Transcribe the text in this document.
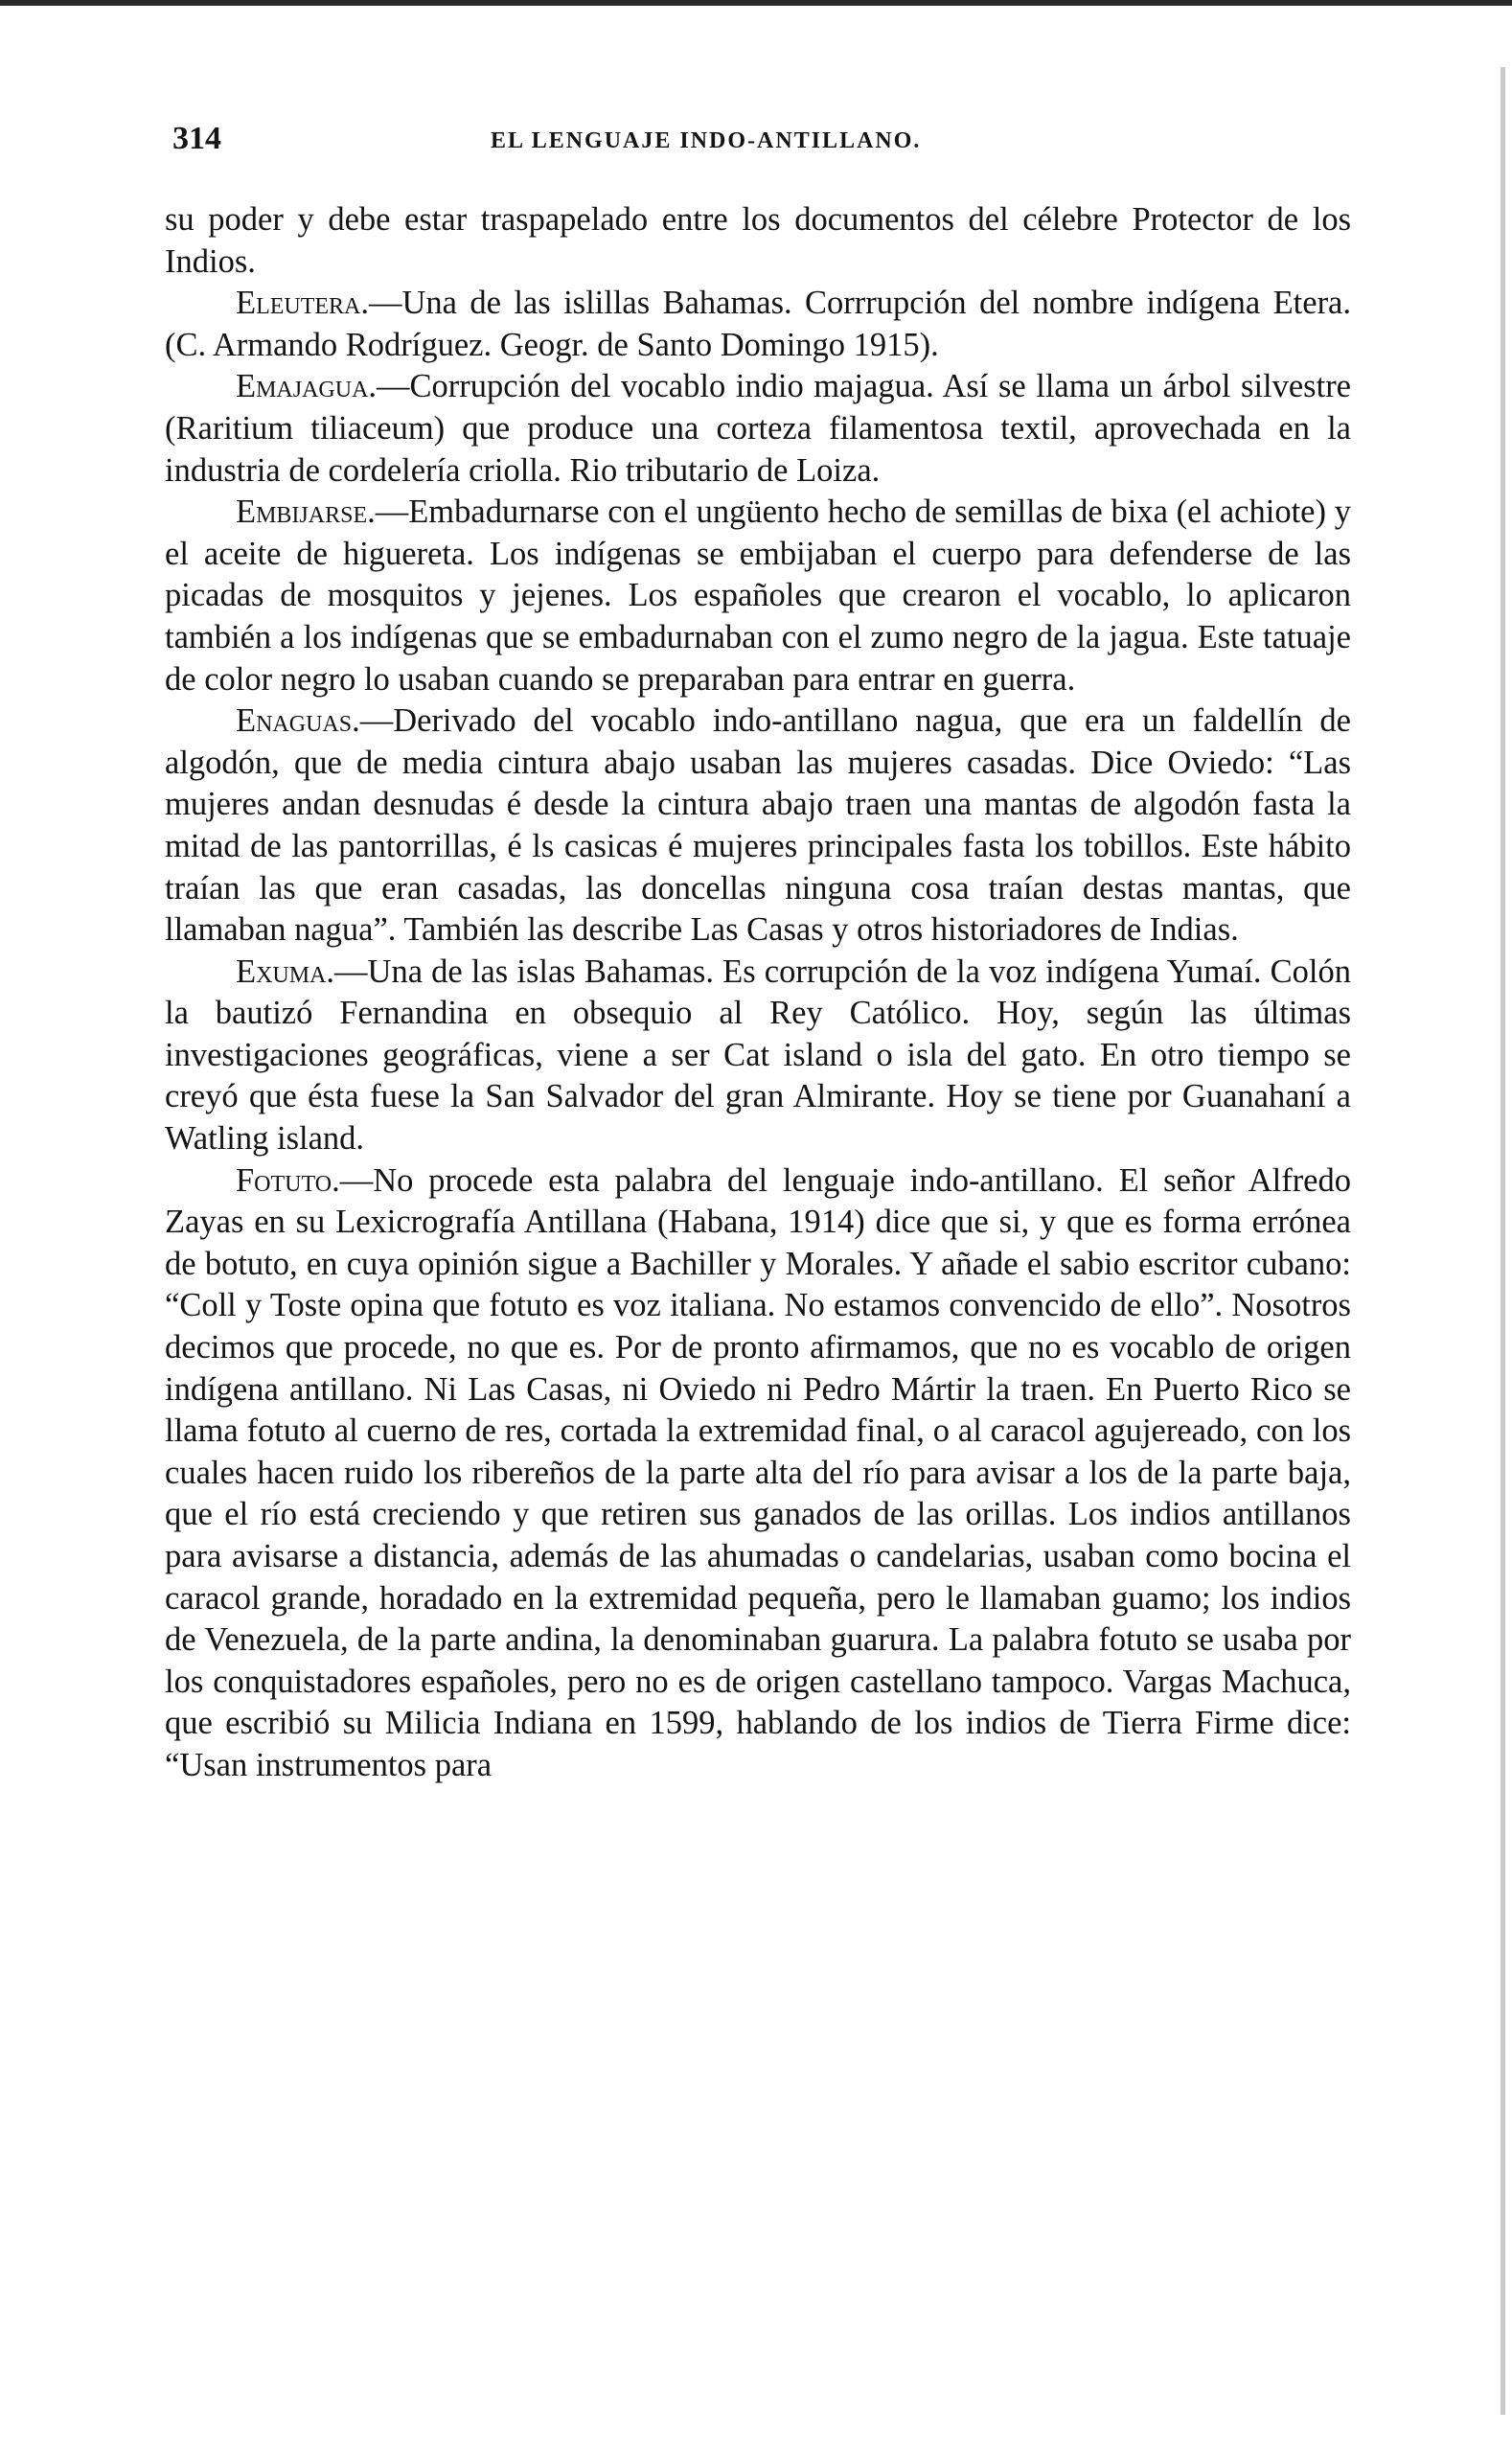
314	EL LENGUAJE INDO-ANTILLANO.

su poder y debe estar traspapelado entre los documentos del célebre Protector de los Indios.

Eleutera.—Una de las islillas Bahamas. Corrrupción del nombre indígena Etera. (C. Armando Rodríguez. Geogr. de Santo Domingo 1915).

Emajagua.—Corrupción del vocablo indio majagua. Así se llama un árbol silvestre (Raritium tiliaceum) que produce una corteza filamentosa textil, aprovechada en la industria de cordelería criolla. Rio tributario de Loiza.

Embijarse.—Embadurnarse con el ungüento hecho de semillas de bixa (el achiote) y el aceite de higuereta. Los indígenas se embijaban el cuerpo para defenderse de las picadas de mosquitos y jejenes. Los españoles que crearon el vocablo, lo aplicaron también a los indígenas que se embadurnaban con el zumo negro de la jagua. Este tatuaje de color negro lo usaban cuando se preparaban para entrar en guerra.

Enaguas.—Derivado del vocablo indo-antillano nagua, que era un faldellín de algodón, que de media cintura abajo usaban las mujeres casadas. Dice Oviedo: “Las mujeres andan desnudas é desde la cintura abajo traen una mantas de algodón fasta la mitad de las pantorrillas, é ls casicas é mujeres principales fasta los tobillos. Este hábito traían las que eran casadas, las doncellas ninguna cosa traían destas mantas, que llamaban nagua”. También las describe Las Casas y otros historiadores de Indias.

Exuma.—Una de las islas Bahamas. Es corrupción de la voz indígena Yumaí. Colón la bautizó Fernandina en obsequio al Rey Católico. Hoy, según las últimas investigaciones geográficas, viene a ser Cat island o isla del gato. En otro tiempo se creyó que ésta fuese la San Salvador del gran Almirante. Hoy se tiene por Guanahaní a Watling island.

Fotuto.—No procede esta palabra del lenguaje indo-antillano. El señor Alfredo Zayas en su Lexicrografía Antillana (Habana, 1914) dice que si, y que es forma errónea de botuto, en cuya opinión sigue a Bachiller y Morales. Y añade el sabio escritor cubano: “Coll y Toste opina que fotuto es voz italiana. No estamos convencido de ello”. Nosotros decimos que procede, no que es. Por de pronto afirmamos, que no es vocablo de origen indígena antillano. Ni Las Casas, ni Oviedo ni Pedro Mártir la traen. En Puerto Rico se llama fotuto al cuerno de res, cortada la extremidad final, o al caracol agujereado, con los cuales hacen ruido los ribereños de la parte alta del río para avisar a los de la parte baja, que el río está creciendo y que retiren sus ganados de las orillas. Los indios antillanos para avisarse a distancia, además de las ahumadas o candelarias, usaban como bocina el caracol grande, horadado en la extremidad pequeña, pero le llamaban guamo; los indios de Venezuela, de la parte andina, la denominaban guarura. La palabra fotuto se usaba por los conquistadores españoles, pero no es de origen castellano tampoco. Vargas Machuca, que escribió su Milicia Indiana en 1599, hablando de los indios de Tierra Firme dice: “Usan instrumentos para
